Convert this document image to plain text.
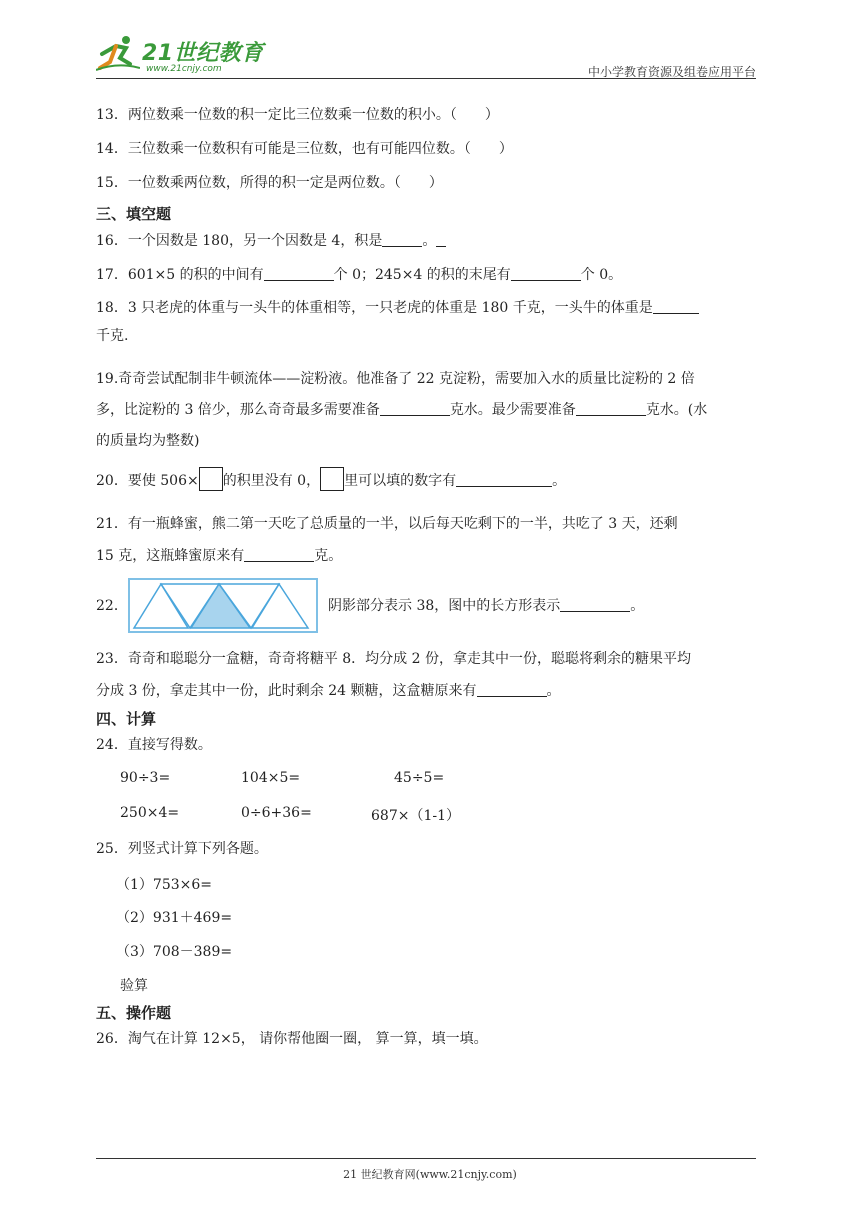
21世纪教育
www.21cnjy.com	中小学教育资源及组卷应用平台
13．两位数乘一位数的积一定比三位数乘一位数的积小。（　　）
14．三位数乘一位数积有可能是三位数，也有可能四位数。（　　）
15．一位数乘两位数，所得的积一定是两位数。（　　）
三、填空题
16．一个因数是 180，另一个因数是 4，积是	。
17．601×5 的积的中间有	个 0；245×4 的积的末尾有	个 0。
18．3 只老虎的体重与一头牛的体重相等，一只老虎的体重是 180 千克，一头牛的体重是
千克.
19.奇奇尝试配制非牛顿流体——淀粉液。他准备了 22 克淀粉，需要加入水的质量比淀粉的 2 倍
多，比淀粉的 3 倍少，那么奇奇最多需要准备	克水。最少需要准备	克水。(水
的质量均为整数)
20．要使 506× 的积里没有 0， 里可以填的数字有	。
21．有一瓶蜂蜜，熊二第一天吃了总质量的一半，以后每天吃剩下的一半，共吃了 3 天，还剩
15 克，这瓶蜂蜜原来有	克。
22．	阴影部分表示 38，图中的长方形表示	。
23．奇奇和聪聪分一盒糖，奇奇将糖平 8．均分成 2 份，拿走其中一份，聪聪将剩余的糖果平均
分成 3 份，拿走其中一份，此时剩余 24 颗糖，这盒糖原来有	。
四、计算
24．直接写得数。
90÷3=	104×5=	45÷5=
250×4=	0÷6+36=	687×（1-1）
25．列竖式计算下列各题。
（1）753×6=
（2）931＋469=
（3）708－389=
验算
五、操作题
26．淘气在计算 12×5， 请你帮他圈一圈， 算一算，填一填。
21 世纪教育网(www.21cnjy.com)
